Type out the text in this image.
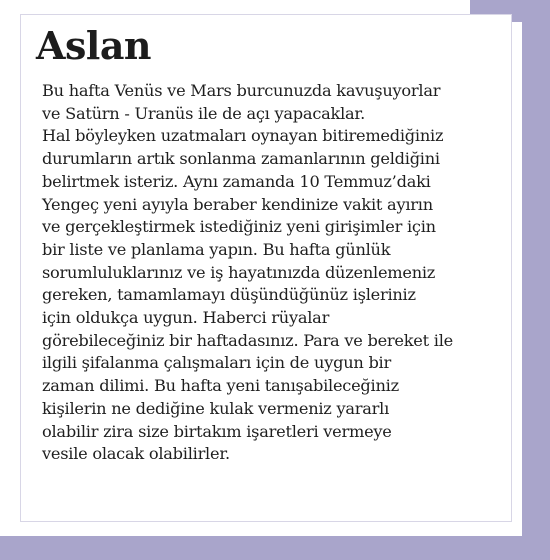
Aslan

Bu hafta Venüs ve Mars burcunuzda kavuşuyorlar
ve Satürn - Uranüs ile de açı yapacaklar.
Hal böyleyken uzatmaları oynayan bitiremediğiniz
durumların artık sonlanma zamanlarının geldiğini
belirtmek isteriz. Aynı zamanda 10 Temmuz’daki
Yengeç yeni ayıyla beraber kendinize vakit ayırın
ve gerçekleştirmek istediğiniz yeni girişimler için
bir liste ve planlama yapın. Bu hafta günlük
sorumluluklarınız ve iş hayatınızda düzenlemeniz
gereken, tamamlamayı düşündüğünüz işleriniz
için oldukça uygun. Haberci rüyalar
görebileceğiniz bir haftadasınız. Para ve bereket ile
ilgili şifalanma çalışmaları için de uygun bir
zaman dilimi. Bu hafta yeni tanışabileceğiniz
kişilerin ne dediğine kulak vermeniz yararlı
olabilir zira size birtakım işaretleri vermeye
vesile olacak olabilirler.
